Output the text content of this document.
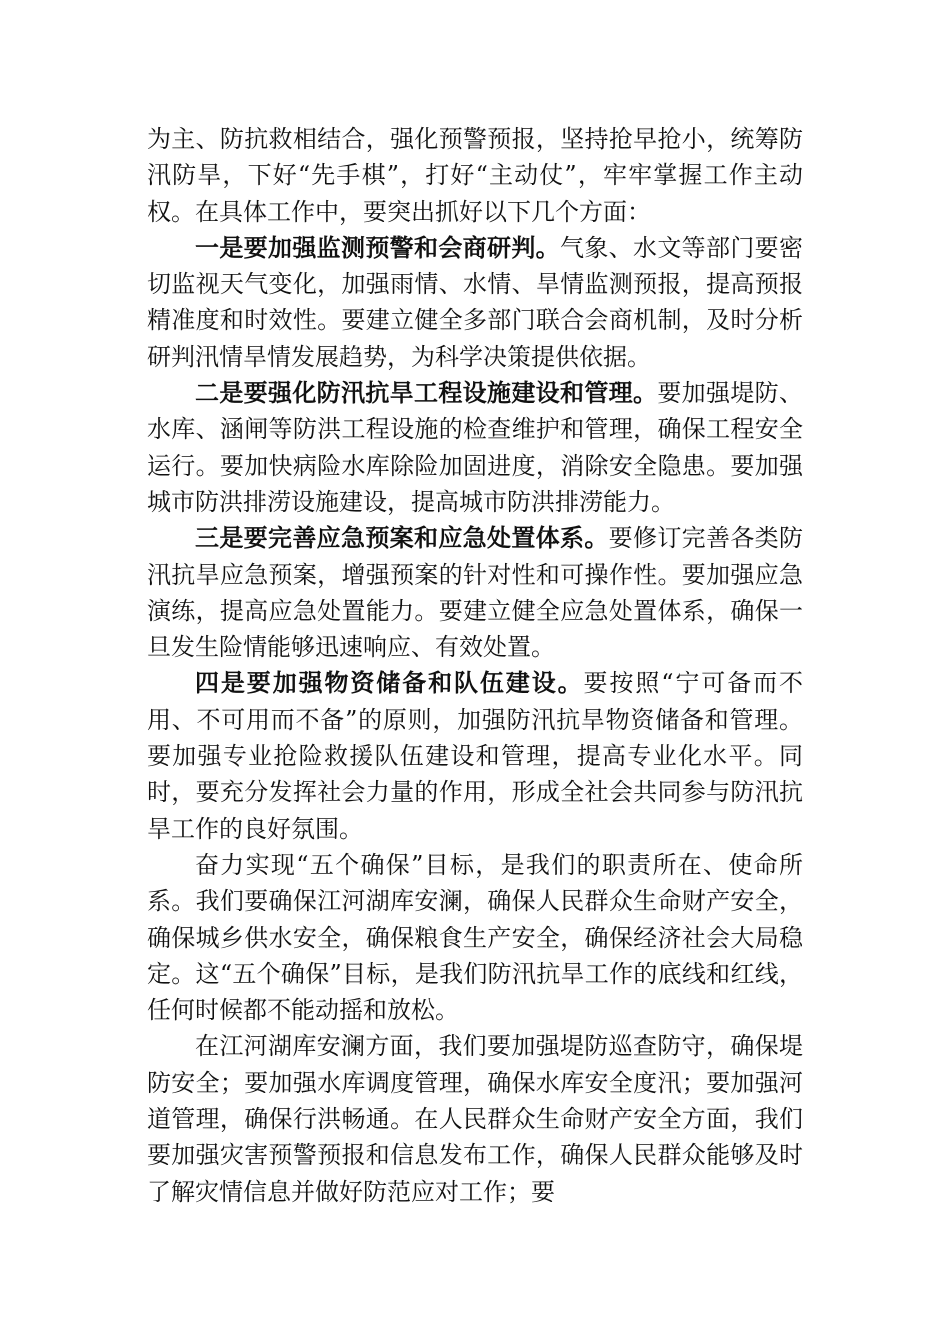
为主、防抗救相结合，强化预警预报，坚持抢早抢小，统筹防汛防旱，下好“先手棋”，打好“主动仗”，牢牢掌握工作主动权。在具体工作中，要突出抓好以下几个方面：

一是要加强监测预警和会商研判。气象、水文等部门要密切监视天气变化，加强雨情、水情、旱情监测预报，提高预报精准度和时效性。要建立健全多部门联合会商机制，及时分析研判汛情旱情发展趋势，为科学决策提供依据。

二是要强化防汛抗旱工程设施建设和管理。要加强堤防、水库、涵闸等防洪工程设施的检查维护和管理，确保工程安全运行。要加快病险水库除险加固进度，消除安全隐患。要加强城市防洪排涝设施建设，提高城市防洪排涝能力。

三是要完善应急预案和应急处置体系。要修订完善各类防汛抗旱应急预案，增强预案的针对性和可操作性。要加强应急演练，提高应急处置能力。要建立健全应急处置体系，确保一旦发生险情能够迅速响应、有效处置。

四是要加强物资储备和队伍建设。要按照“宁可备而不用、不可用而不备”的原则，加强防汛抗旱物资储备和管理。要加强专业抢险救援队伍建设和管理，提高专业化水平。同时，要充分发挥社会力量的作用，形成全社会共同参与防汛抗旱工作的良好氛围。

奋力实现“五个确保”目标，是我们的职责所在、使命所系。我们要确保江河湖库安澜，确保人民群众生命财产安全，确保城乡供水安全，确保粮食生产安全，确保经济社会大局稳定。这“五个确保”目标，是我们防汛抗旱工作的底线和红线，任何时候都不能动摇和放松。

在江河湖库安澜方面，我们要加强堤防巡查防守，确保堤防安全；要加强水库调度管理，确保水库安全度汛；要加强河道管理，确保行洪畅通。在人民群众生命财产安全方面，我们要加强灾害预警预报和信息发布工作，确保人民群众能够及时了解灾情信息并做好防范应对工作；要
